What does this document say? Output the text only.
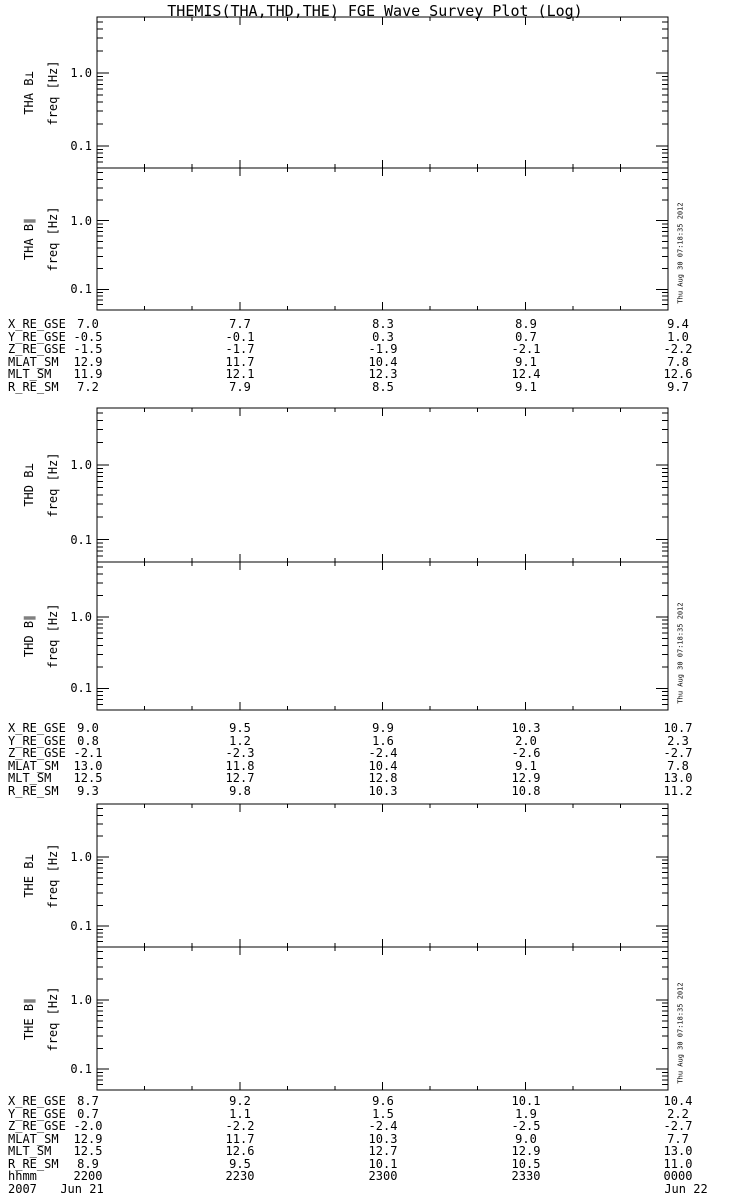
THEMIS(THA,THD,THE) FGE Wave Survey Plot (Log)
THA B⊥ freq [Hz] 1.0
0.1
THA B∥ freq [Hz] 1.0
0.1	Thu Aug 30 07:18:35 2012
THD B⊥ freq [Hz] 1.0
0.1
THD B∥ freq [Hz] 1.0
0.1	Thu Aug 30 07:18:35 2012
THE B⊥ freq [Hz] 1.0
0.1
THE B∥ freq [Hz] 1.0
0.1	Thu Aug 30 07:18:35 2012
X_RE_GSE 7.0	7.7	8.3	8.9	9.4
Y_RE_GSE -0.5	-0.1	0.3	0.7	1.0
Z_RE_GSE -1.5	-1.7	-1.9	-2.1	-2.2
MLAT_SM 12.9	11.7	10.4	9.1	7.8
MLT_SM 11.9	12.1	12.3	12.4	12.6
R_RE_SM 7.2	7.9	8.5	9.1	9.7
X_RE_GSE 9.0	9.5	9.9	10.3	10.7
Y_RE_GSE 0.8	1.2	1.6	2.0	2.3
Z_RE_GSE -2.1	-2.3	-2.4	-2.6	-2.7
MLAT_SM 13.0	11.8	10.4	9.1	7.8
MLT_SM 12.5	12.7	12.8	12.9	13.0
R_RE_SM 9.3	9.8	10.3	10.8	11.2
X_RE_GSE 8.7	9.2	9.6	10.1	10.4
Y_RE_GSE 0.7	1.1	1.5	1.9	2.2
Z_RE_GSE -2.0	-2.2	-2.4	-2.5	-2.7
MLAT_SM 12.9	11.7	10.3	9.0	7.7
MLT_SM 12.5	12.6	12.7	12.9	13.0
R_RE_SM 8.9	9.5	10.1	10.5	11.0
hhmm	2200	2230	2300	2330	0000
2007 Jun 21	Jun 22
